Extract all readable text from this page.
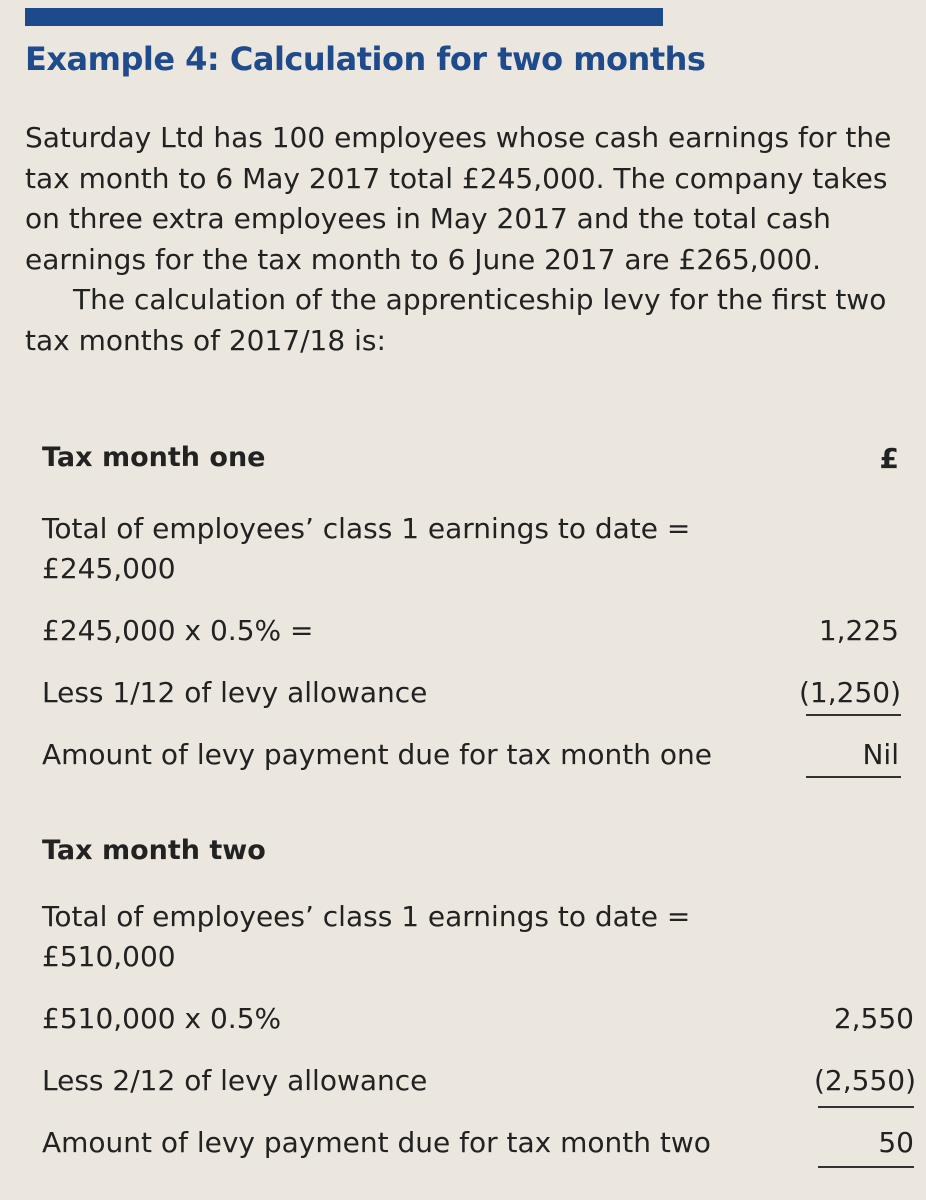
Example 4: Calculation for two months

Saturday Ltd has 100 employees whose cash earnings for the tax month to 6 May 2017 total £245,000. The company takes on three extra employees in May 2017 and the total cash earnings for the tax month to 6 June 2017 are £265,000.

The calculation of the apprenticeship levy for the first two tax months of 2017/18 is:

Tax month one	£
Total of employees’ class 1 earnings to date =
£245,000
£245,000 x 0.5% =	1,225
Less 1/12 of levy allowance	(1,250)
Amount of levy payment due for tax month one	Nil
Tax month two
Total of employees’ class 1 earnings to date =
£510,000
£510,000 x 0.5%	2,550
Less 2/12 of levy allowance	(2,550)
Amount of levy payment due for tax month two	50
